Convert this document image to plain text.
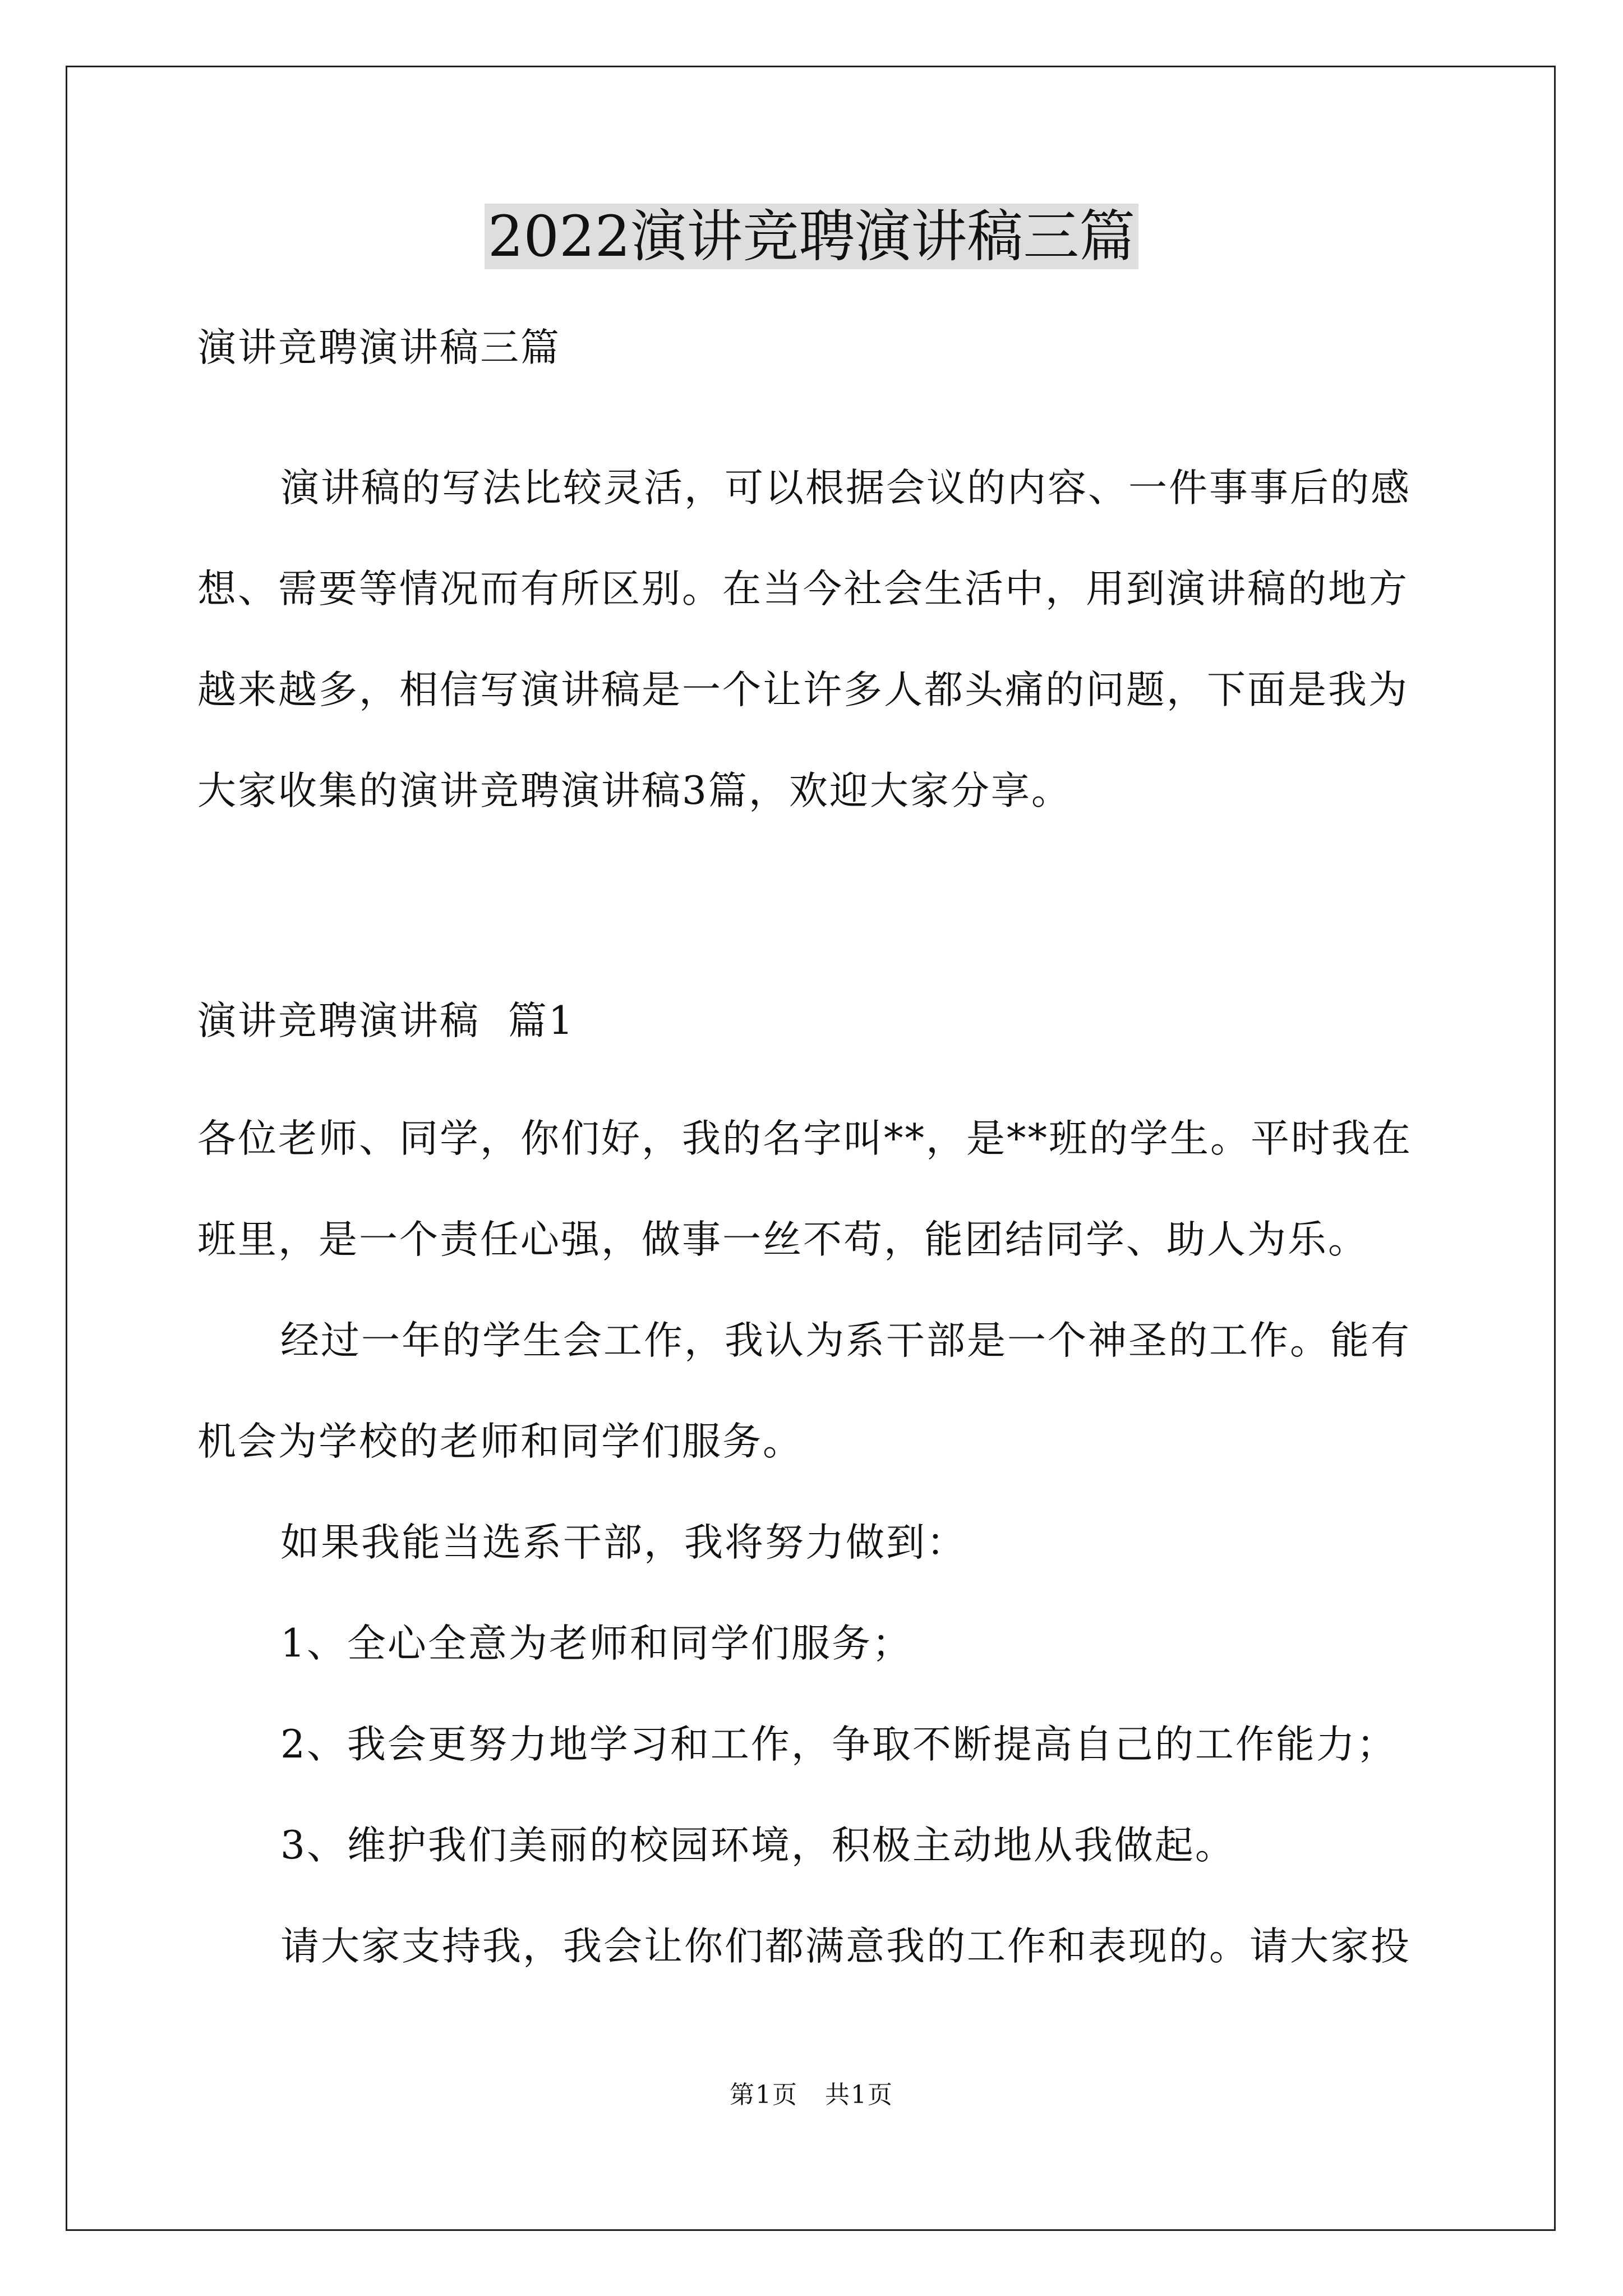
2022演讲竞聘演讲稿三篇

演讲竞聘演讲稿三篇

演讲稿的写法比较灵活，可以根据会议的内容、一件事事后的感想、需要等情况而有所区别。在当今社会生活中，用到演讲稿的地方越来越多，相信写演讲稿是一个让许多人都头痛的问题，下面是我为大家收集的演讲竞聘演讲稿3篇，欢迎大家分享。

演讲竞聘演讲稿  篇1

各位老师、同学，你们好，我的名字叫**，是**班的学生。平时我在班里，是一个责任心强，做事一丝不苟，能团结同学、助人为乐。

经过一年的学生会工作，我认为系干部是一个神圣的工作。能有机会为学校的老师和同学们服务。

如果我能当选系干部，我将努力做到：

1、全心全意为老师和同学们服务；

2、我会更努力地学习和工作，争取不断提高自己的工作能力；

3、维护我们美丽的校园环境，积极主动地从我做起。

请大家支持我，我会让你们都满意我的工作和表现的。请大家投

第1页   共1页
